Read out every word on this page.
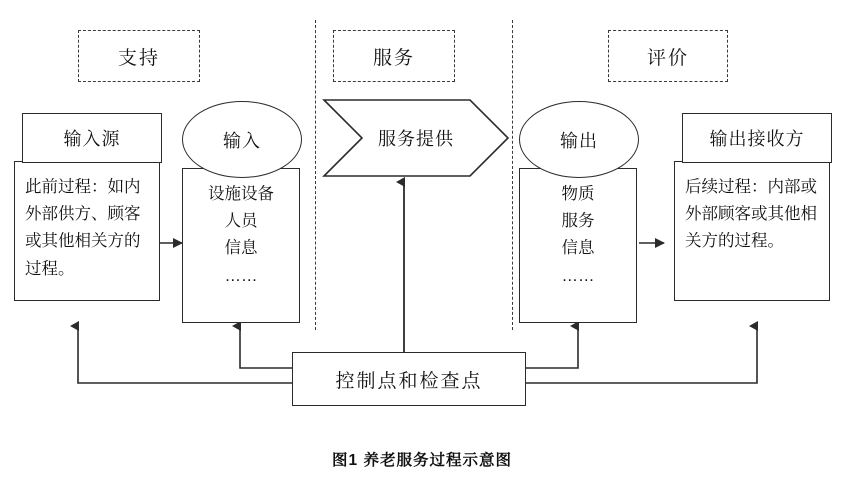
支持	服务	评价
输入源
此前过程：如内外部供方、顾客或其他相关方的过程。
设施设备
人员
信息
……
输入	服务提供
物质
服务
信息
……
输出	输出接收方
后续过程：内部或外部顾客或其他相关方的过程。
控制点和检查点
图1 养老服务过程示意图
